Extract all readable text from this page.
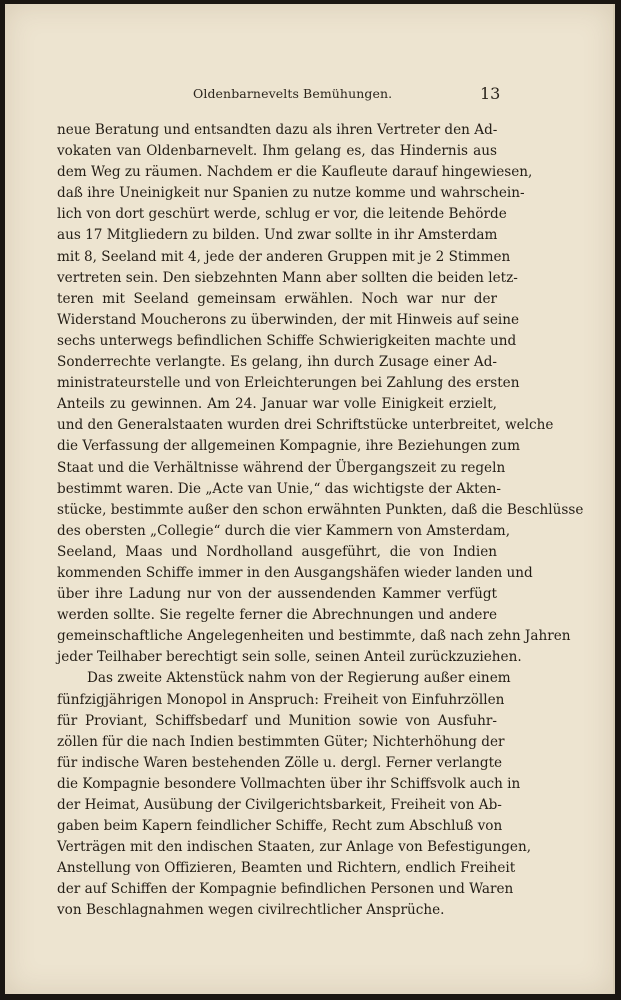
Oldenbarnevelts Bemühungen.	13
neue Beratung und entsandten dazu als ihren Vertreter den Ad-
vokaten van Oldenbarnevelt. Ihm gelang es, das Hindernis aus
dem Weg zu räumen. Nachdem er die Kaufleute darauf hingewiesen,
daß ihre Uneinigkeit nur Spanien zu nutze komme und wahrschein-
lich von dort geschürt werde, schlug er vor, die leitende Behörde
aus 17 Mitgliedern zu bilden. Und zwar sollte in ihr Amsterdam
mit 8, Seeland mit 4, jede der anderen Gruppen mit je 2 Stimmen
vertreten sein. Den siebzehnten Mann aber sollten die beiden letz-
teren mit Seeland gemeinsam erwählen. Noch war nur der
Widerstand Moucherons zu überwinden, der mit Hinweis auf seine
sechs unterwegs befindlichen Schiffe Schwierigkeiten machte und
Sonderrechte verlangte. Es gelang, ihn durch Zusage einer Ad-
ministrateurstelle und von Erleichterungen bei Zahlung des ersten
Anteils zu gewinnen. Am 24. Januar war volle Einigkeit erzielt,
und den Generalstaaten wurden drei Schriftstücke unterbreitet, welche
die Verfassung der allgemeinen Kompagnie, ihre Beziehungen zum
Staat und die Verhältnisse während der Übergangszeit zu regeln
bestimmt waren. Die „Acte van Unie,“ das wichtigste der Akten-
stücke, bestimmte außer den schon erwähnten Punkten, daß die Beschlüsse
des obersten „Collegie“ durch die vier Kammern von Amsterdam,
Seeland, Maas und Nordholland ausgeführt, die von Indien
kommenden Schiffe immer in den Ausgangshäfen wieder landen und
über ihre Ladung nur von der aussendenden Kammer verfügt
werden sollte. Sie regelte ferner die Abrechnungen und andere
gemeinschaftliche Angelegenheiten und bestimmte, daß nach zehn Jahren
jeder Teilhaber berechtigt sein solle, seinen Anteil zurückzuziehen.
Das zweite Aktenstück nahm von der Regierung außer einem
fünfzigjährigen Monopol in Anspruch: Freiheit von Einfuhrzöllen
für Proviant, Schiffsbedarf und Munition sowie von Ausfuhr-
zöllen für die nach Indien bestimmten Güter; Nichterhöhung der
für indische Waren bestehenden Zölle u. dergl. Ferner verlangte
die Kompagnie besondere Vollmachten über ihr Schiffsvolk auch in
der Heimat, Ausübung der Civilgerichtsbarkeit, Freiheit von Ab-
gaben beim Kapern feindlicher Schiffe, Recht zum Abschluß von
Verträgen mit den indischen Staaten, zur Anlage von Befestigungen,
Anstellung von Offizieren, Beamten und Richtern, endlich Freiheit
der auf Schiffen der Kompagnie befindlichen Personen und Waren
von Beschlagnahmen wegen civilrechtlicher Ansprüche.
